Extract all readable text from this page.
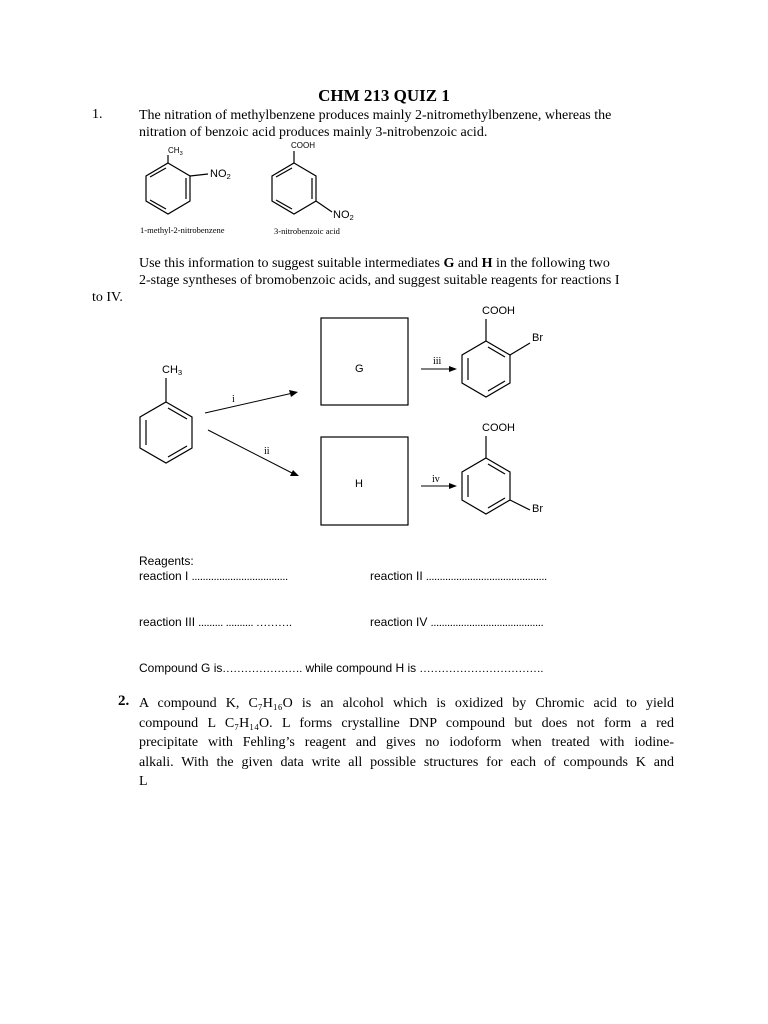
CHM 213 QUIZ 1
1.	The nitration of methylbenzene produces mainly 2-nitromethylbenzene, whereas the
nitration of benzoic acid produces mainly 3-nitrobenzoic acid.
$CH_3$
$NO_2$
1-methyl-2-nitrobenzene
COOH
$NO_2$
3-nitrobenzoic acid
Use this information to suggest suitable intermediates G and H in the following two
2-stage syntheses of bromobenzoic acids, and suggest suitable reagents for reactions I
to IV.
$CH_3$
i
ii
iii
iv
G
H
COOH
Br
COOH
Br
Reagents:
reaction I ...................................	reaction II ............................................
reaction III ......... .......... ……….	reaction IV .........................................
Compound G is…………………. while compound H is …………………………….
2. A compound K, C₇H₁₆O is an alcohol which is oxidized by Chromic acid to yield
compound L C₇H₁₄O. L forms crystalline DNP compound but does not form a red
precipitate with Fehling’s reagent and gives no iodoform when treated with iodine-
alkali. With the given data write all possible structures for each of compounds K and
L
